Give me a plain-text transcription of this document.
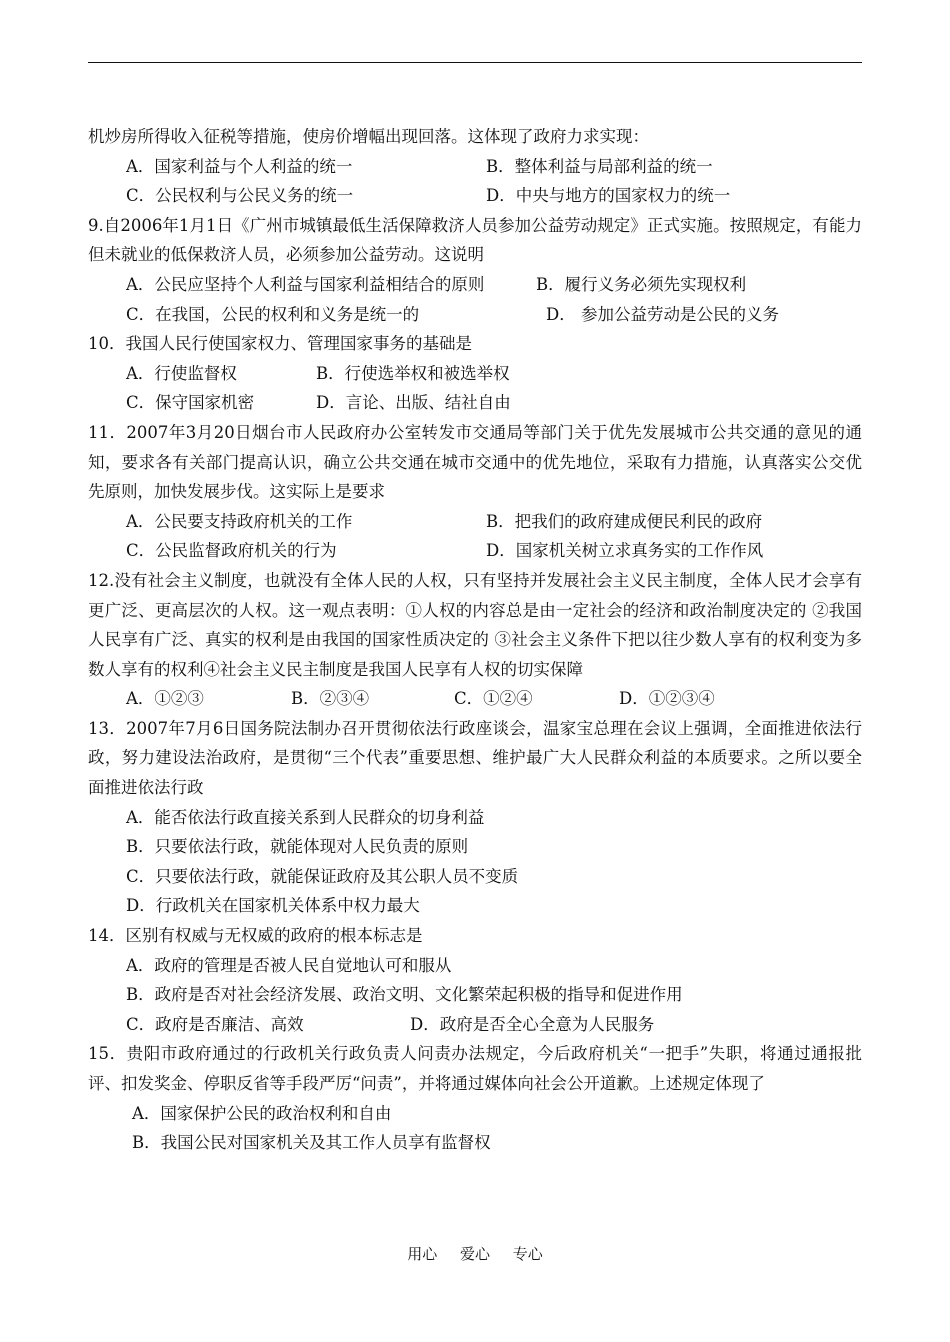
机炒房所得收入征税等措施，使房价增幅出现回落。这体现了政府力求实现：
A．国家利益与个人利益的统一	B．整体利益与局部利益的统一
C．公民权利与公民义务的统一	D．中央与地方的国家权力的统一
9.自2006年1月1日《广州市城镇最低生活保障救济人员参加公益劳动规定》正式实施。按照规定，有能力但未就业的低保救济人员，必须参加公益劳动。这说明
A．公民应坚持个人利益与国家利益相结合的原则	B．履行义务必须先实现权利
C．在我国，公民的权利和义务是统一的	D． 参加公益劳动是公民的义务
10．我国人民行使国家权力、管理国家事务的基础是
A．行使监督权	B．行使选举权和被选举权
C．保守国家机密	D．言论、出版、结社自由
11．2007年3月20日烟台市人民政府办公室转发市交通局等部门关于优先发展城市公共交通的意见的通知，要求各有关部门提高认识，确立公共交通在城市交通中的优先地位，采取有力措施，认真落实公交优先原则，加快发展步伐。这实际上是要求
A．公民要支持政府机关的工作	B．把我们的政府建成便民利民的政府
C．公民监督政府机关的行为	D．国家机关树立求真务实的工作作风
12.没有社会主义制度，也就没有全体人民的人权，只有坚持并发展社会主义民主制度，全体人民才会享有更广泛、更高层次的人权。这一观点表明：①人权的内容总是由一定社会的经济和政治制度决定的 ②我国人民享有广泛、真实的权利是由我国的国家性质决定的 ③社会主义条件下把以往少数人享有的权利变为多数人享有的权利④社会主义民主制度是我国人民享有人权的切实保障
A．①②③	B．②③④	C．①②④	D．①②③④
13．2007年7月6日国务院法制办召开贯彻依法行政座谈会，温家宝总理在会议上强调，全面推进依法行政，努力建设法治政府，是贯彻“三个代表”重要思想、维护最广大人民群众利益的本质要求。之所以要全面推进依法行政
A．能否依法行政直接关系到人民群众的切身利益
B．只要依法行政，就能体现对人民负责的原则
C．只要依法行政，就能保证政府及其公职人员不变质
D．行政机关在国家机关体系中权力最大
14．区别有权威与无权威的政府的根本标志是
A．政府的管理是否被人民自觉地认可和服从
B．政府是否对社会经济发展、政治文明、文化繁荣起积极的指导和促进作用
C．政府是否廉洁、高效	D．政府是否全心全意为人民服务
15．贵阳市政府通过的行政机关行政负责人问责办法规定，今后政府机关“一把手”失职，将通过通报批评、扣发奖金、停职反省等手段严厉“问责”，并将通过媒体向社会公开道歉。上述规定体现了
A．国家保护公民的政治权利和自由
B．我国公民对国家机关及其工作人员享有监督权
用心 爱心 专心
